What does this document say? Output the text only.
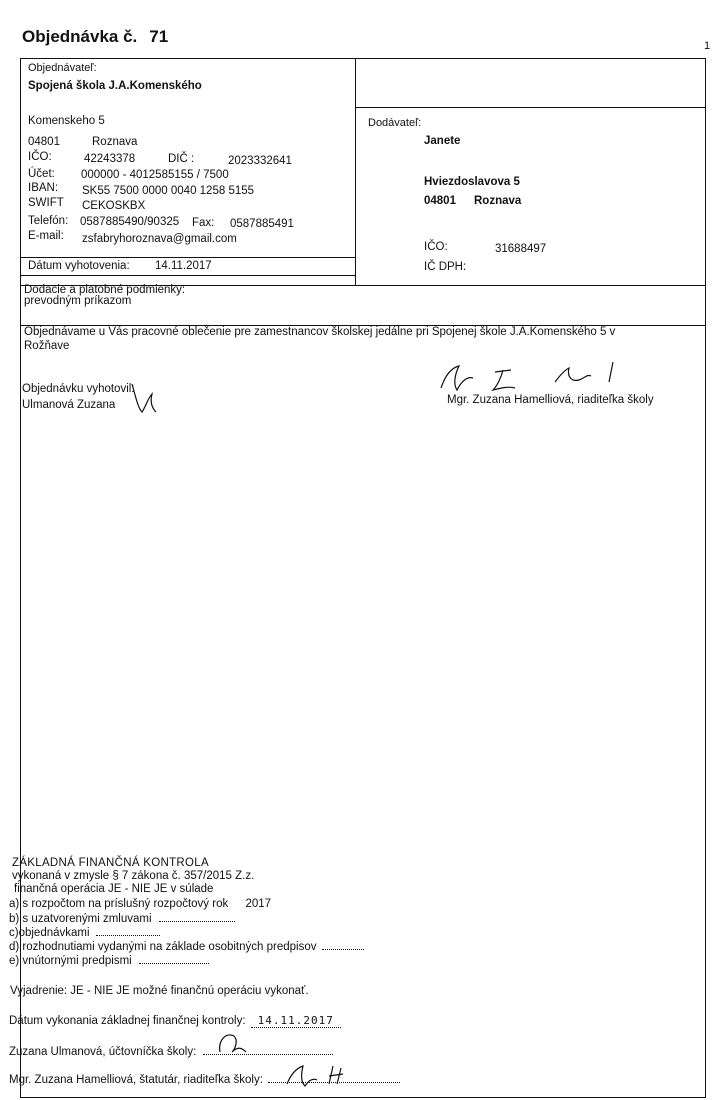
Objednávka č. 71	1
Objednávateľ:
Spojená škola J.A.Komenského
Komenskeho 5
04801	Roznava
IČO:	42243378	DIČ :	2023332641
Účet: 000000 - 4012585155 / 7500
IBAN: SK55 7500 0000 0040 1258 5155
SWIFT CEKOSKBX
Telefón: 0587885490/90325 Fax: 0587885491
E-mail: zsfabryhoroznava@gmail.com
Dátum vyhotovenia: 14.11.2017
Dodávateľ:
Janete
Hviezdoslavova 5
04801 Roznava
IČO:	31688497
IČ DPH:
Dodacie a platobné podmienky:
prevodným príkazom
Objednávame u Vás pracovné oblečenie pre zamestnancov školskej jedálne pri Spojenej škole J.A.Komenského 5 v
Rožňave
Objednávku vyhotovil:
Ulmanová Zuzana	Mgr. Zuzana Hamelliová, riaditeľka školy
ZÁKLADNÁ FINANČNÁ KONTROLA
vykonaná v zmysle § 7 zákona č. 357/2015 Z.z.
finančná operácia JE - NIE JE v súlade
a) s rozpočtom na príslušný rozpočtový rok 2017
b) s uzatvorenými zmluvami
c)objednávkami
d) rozhodnutiami vydanými na základe osobitných predpisov
e) vnútornými predpismi
Vyjadrenie: JE - NIE JE možné finančnú operáciu vykonať.
Dátum vykonania základnej finančnej kontroly: 14.11.2017
Zuzana Ulmanová, účtovníčka školy:
Mgr. Zuzana Hamelliová, štatutár, riaditeľka školy:
